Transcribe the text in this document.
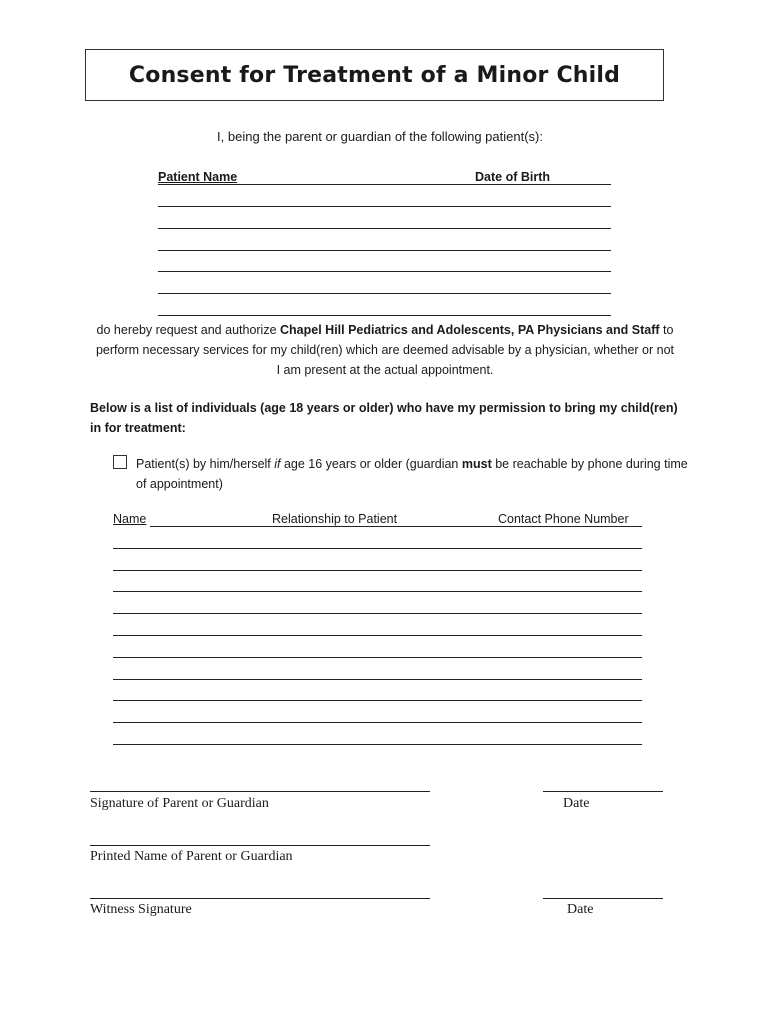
Consent for Treatment of a Minor Child
I, being the parent or guardian of the following patient(s):
Patient Name	Date of Birth
do hereby request and authorize Chapel Hill Pediatrics and Adolescents, PA Physicians and Staff to perform necessary services for my child(ren) which are deemed advisable by a physician, whether or not I am present at the actual appointment.
Below is a list of individuals (age 18 years or older) who have my permission to bring my child(ren) in for treatment:
Patient(s) by him/herself if age 16 years or older (guardian must be reachable by phone during time of appointment)
Name	Relationship to Patient	Contact Phone Number
Signature of Parent or Guardian	Date
Printed Name of Parent or Guardian
Witness Signature	Date
